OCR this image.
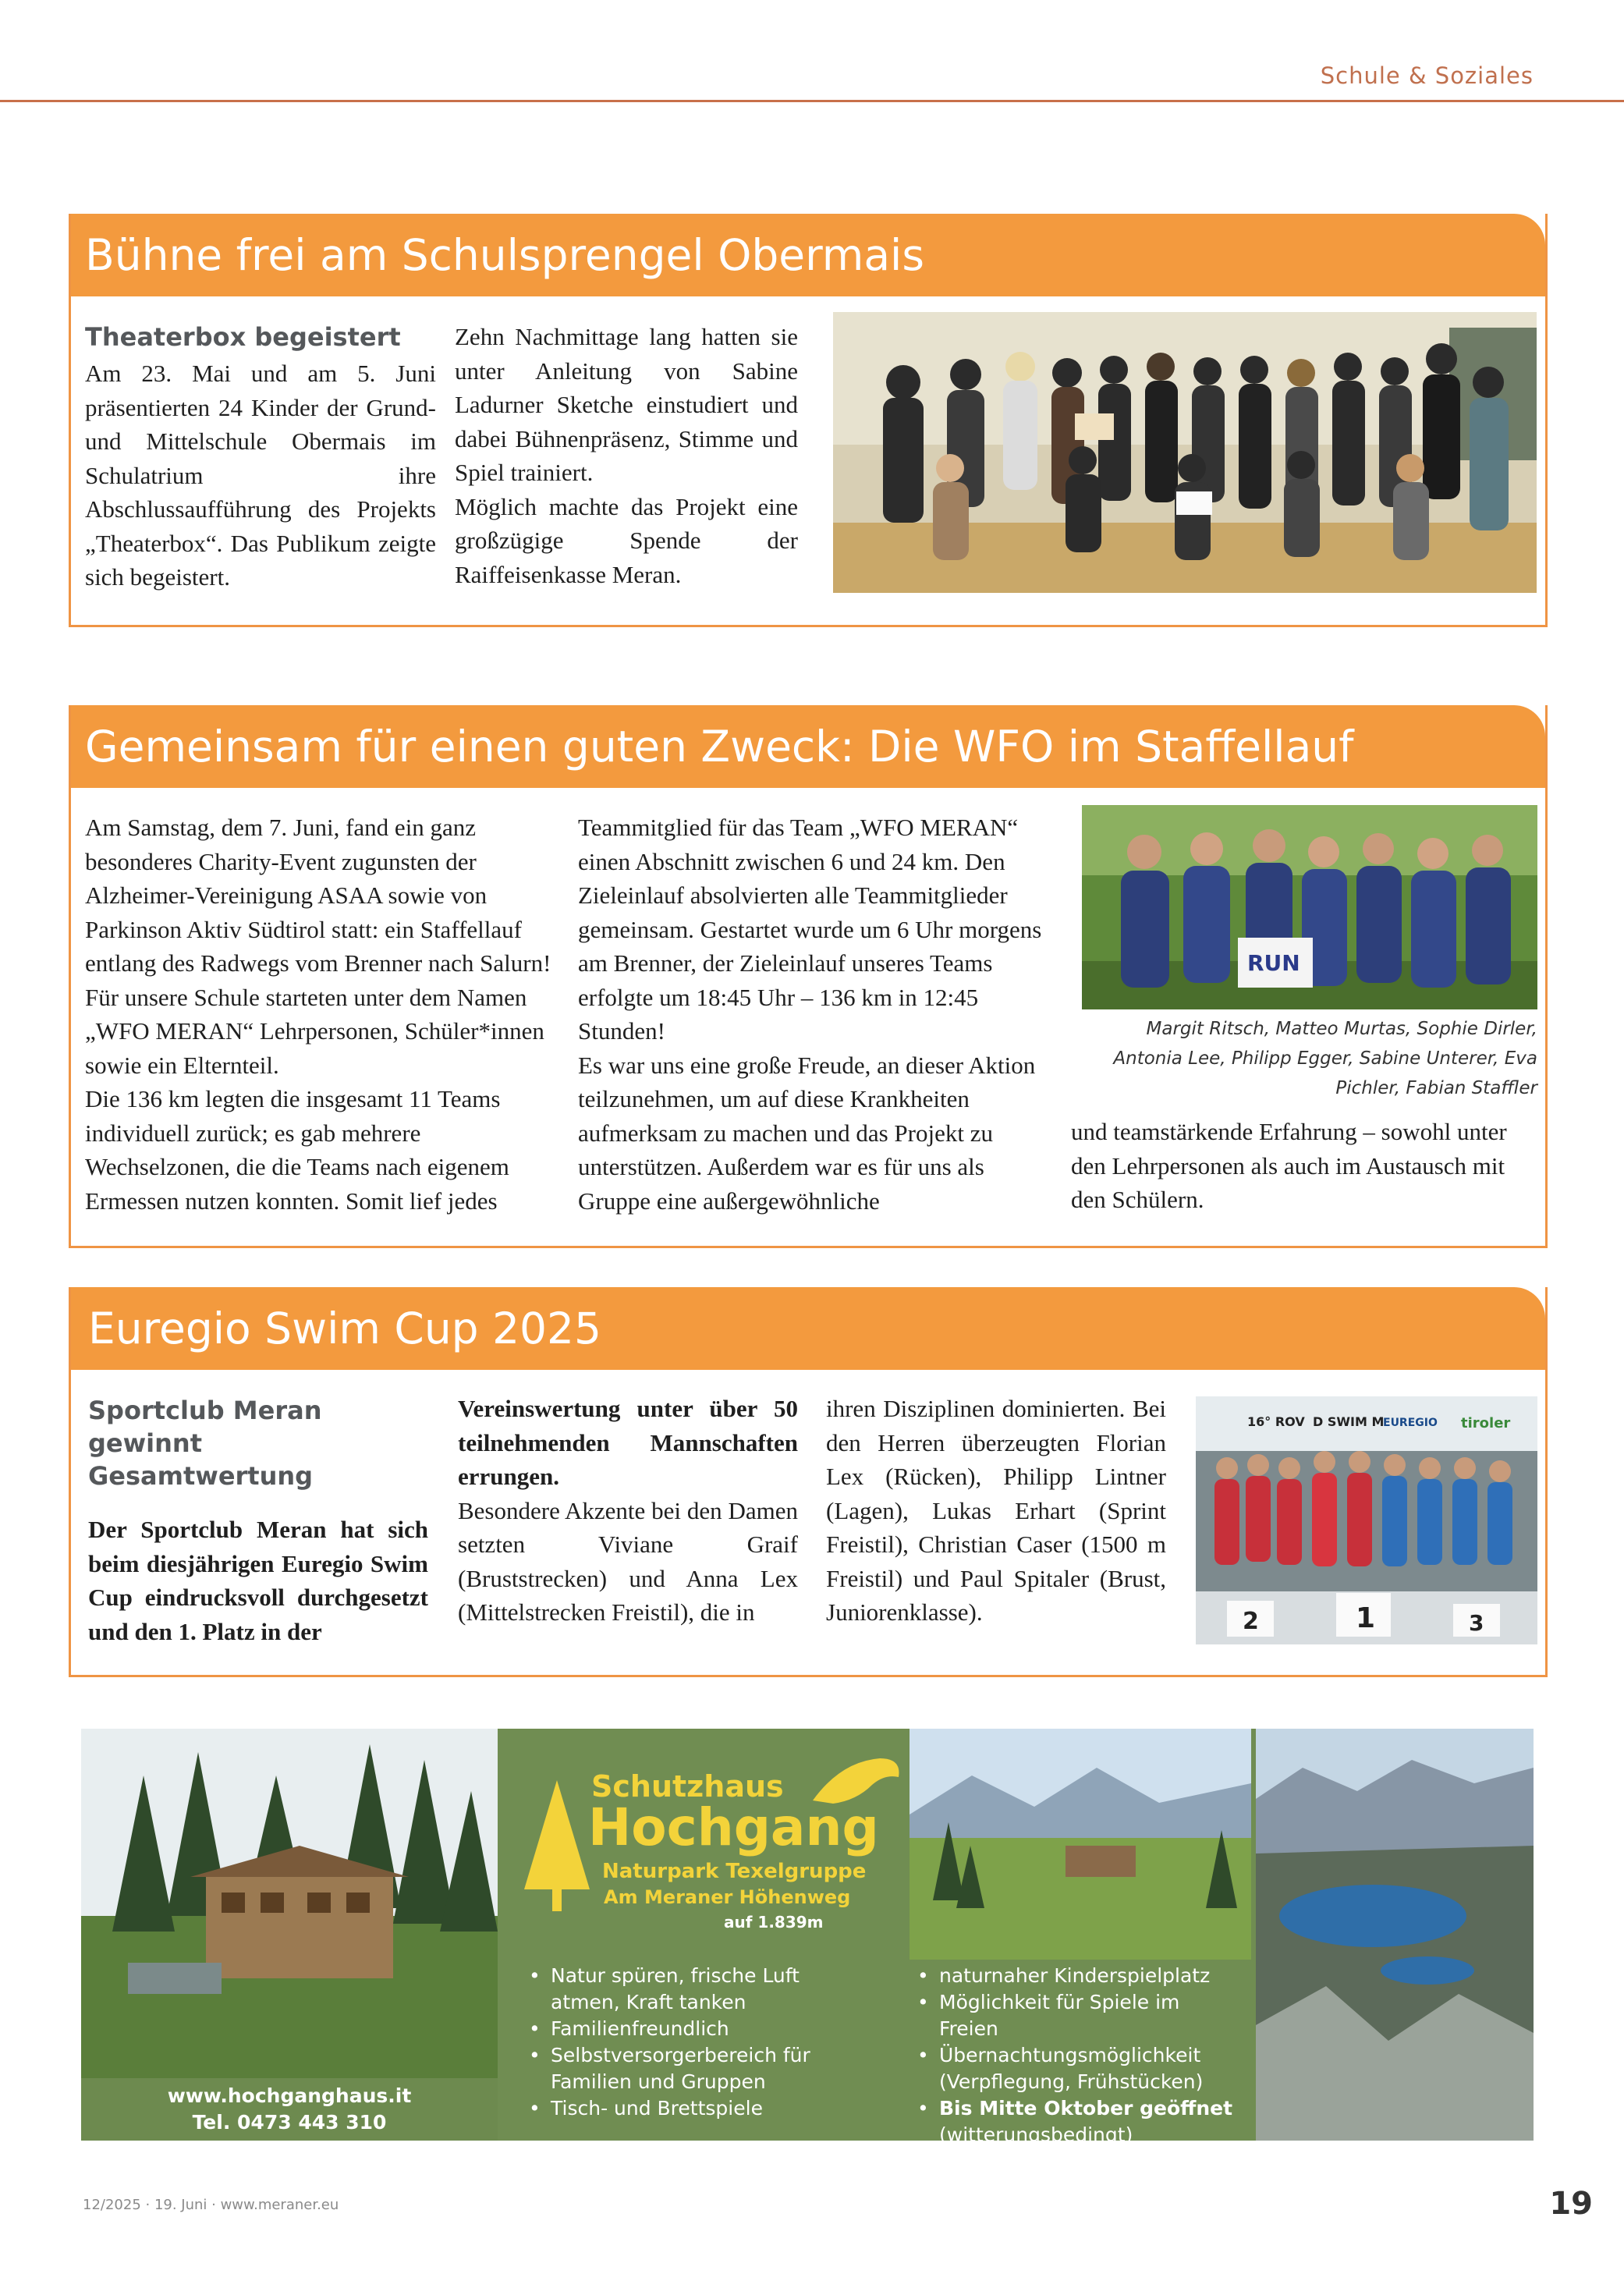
Schule & Soziales
Bühne frei am Schulsprengel Obermais
Theaterbox begeistert
Am 23. Mai und am 5. Juni präsentierten 24 Kinder der Grund- und Mittelschule Obermais im Schulatrium ihre Abschlussaufführung des Projekts „Theaterbox“. Das Publikum zeigte sich begeistert.
Zehn Nachmittage lang hatten sie unter Anleitung von Sabine Ladurner Sketche einstudiert und dabei Bühnenpräsenz, Stimme und Spiel trainiert.
Möglich machte das Projekt eine großzügige Spende der Raiffeisenkasse Meran.
Gemeinsam für einen guten Zweck: Die WFO im Staffellauf
Am Samstag, dem 7. Juni, fand ein ganz besonderes Charity-Event zugunsten der Alzheimer-Vereinigung ASAA sowie von Parkinson Aktiv Südtirol statt: ein Staffellauf entlang des Radwegs vom Brenner nach Salurn! Für unsere Schule starteten unter dem Namen „WFO MERAN“ Lehrpersonen, Schüler*innen sowie ein Elternteil.
Die 136 km legten die insgesamt 11 Teams individuell zurück; es gab mehrere Wechselzonen, die die Teams nach eigenem Ermessen nutzen konnten. Somit lief jedes
Teammitglied für das Team „WFO MERAN“ einen Abschnitt zwischen 6 und 24 km. Den Zieleinlauf absolvierten alle Teammitglieder gemeinsam. Gestartet wurde um 6 Uhr morgens am Brenner, der Zieleinlauf unseres Teams erfolgte um 18:45 Uhr – 136 km in 12:45 Stunden!
Es war uns eine große Freude, an dieser Aktion teilzunehmen, um auf diese Krankheiten aufmerksam zu machen und das Projekt zu unterstützen. Außerdem war es für uns als Gruppe eine außergewöhnliche
RUN
Margit Ritsch, Matteo Murtas, Sophie Dirler, Antonia Lee, Philipp Egger, Sabine Unterer, Eva Pichler, Fabian Staffler
und teamstärkende Erfahrung – sowohl unter den Lehrpersonen als auch im Austausch mit den Schülern.
Euregio Swim Cup 2025
Sportclub Meran gewinnt Gesamtwertung
Der Sportclub Meran hat sich beim diesjährigen Euregio Swim Cup eindrucksvoll durchgesetzt und den 1. Platz in der
Vereinswertung unter über 50 teilnehmenden Mannschaften errungen.
Besondere Akzente bei den Damen setzten Viviane Graif (Bruststrecken) und Anna Lex (Mittelstrecken Freistil), die in
ihren Disziplinen dominierten. Bei den Herren überzeugten Florian Lex (Rücken), Philipp Lintner (Lagen), Lukas Erhart (Sprint Freistil), Christian Caser (1500 m Freistil) und Paul Spitaler (Brust, Juniorenklasse).
16° ROV D SWIM M
EUREGIO tiroler
2	1	3
www.hochganghaus.it
Tel. 0473 443 310
Schutzhaus
Hochgang
Naturpark Texelgruppe
Am Meraner Höhenweg
auf 1.839m
• Natur spüren, frische Luft atmen, Kraft tanken
• Familienfreundlich
• Selbstversorgerbereich für Familien und Gruppen
• Tisch- und Brettspiele
• naturnaher Kinderspielplatz
• Möglichkeit für Spiele im Freien
• Übernachtungsmöglichkeit (Verpflegung, Frühstücken)
• Bis Mitte Oktober geöffnet
(witterungsbedingt)
12/2025 · 19. Juni · www.meraner.eu	19
